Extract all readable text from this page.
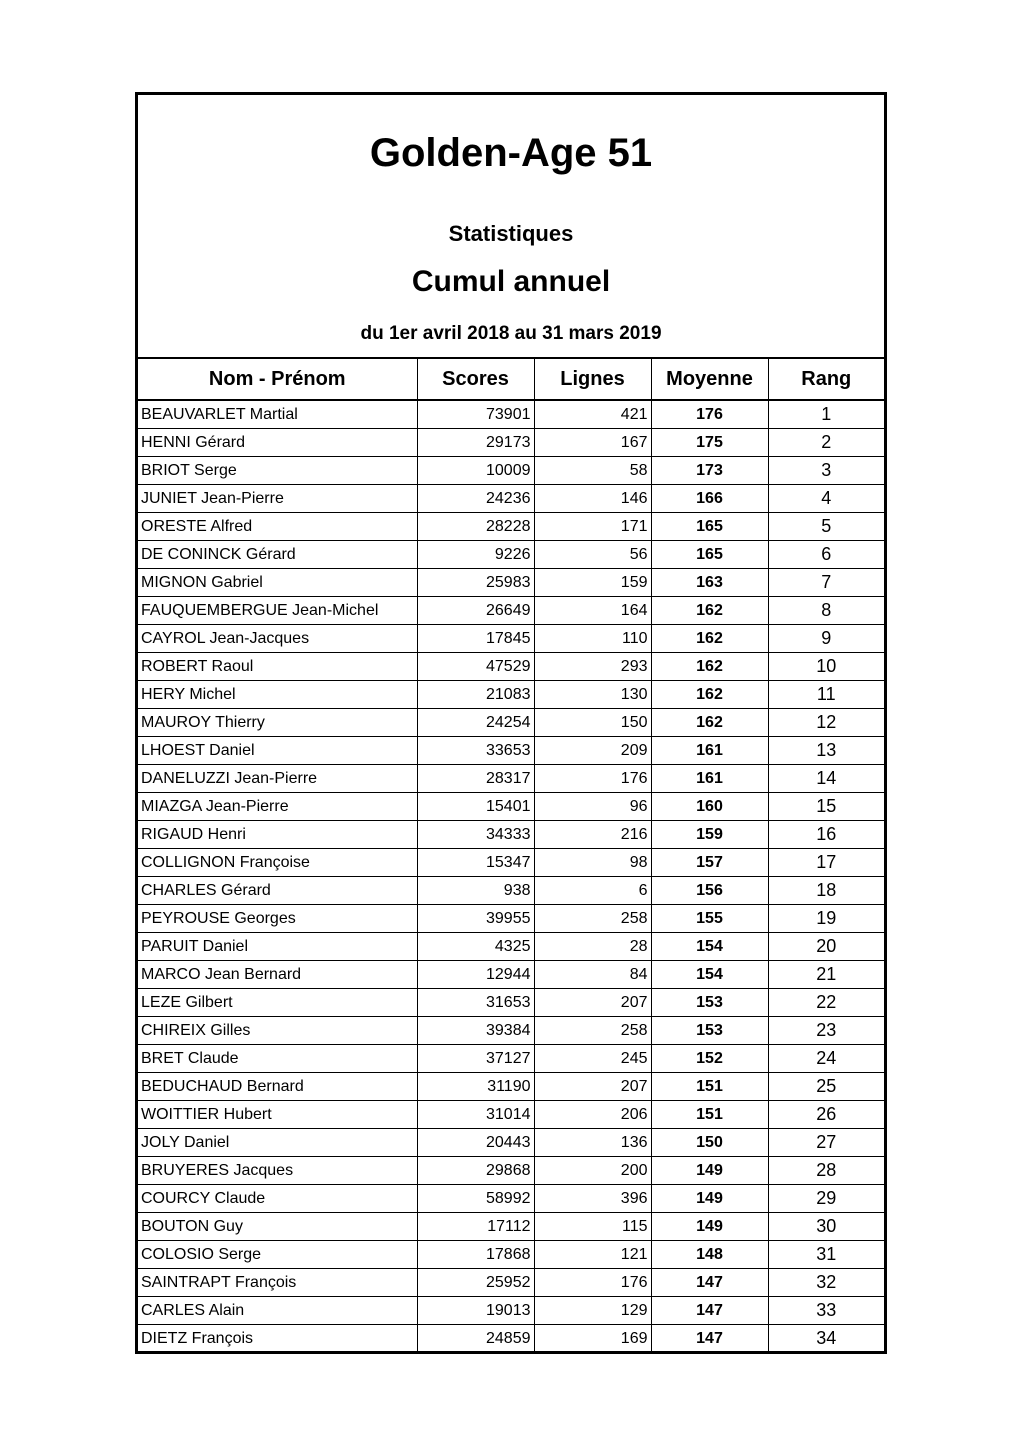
Golden-Age 51
Statistiques
Cumul annuel
du 1er avril 2018 au 31 mars 2019
Nom - Prénom	Scores	Lignes	Moyenne	Rang
BEAUVARLET Martial	73901	421	176	1
HENNI Gérard	29173	167	175	2
BRIOT Serge	10009	58	173	3
JUNIET Jean-Pierre	24236	146	166	4
ORESTE Alfred	28228	171	165	5
DE CONINCK Gérard	9226	56	165	6
MIGNON Gabriel	25983	159	163	7
FAUQUEMBERGUE Jean-Michel	26649	164	162	8
CAYROL Jean-Jacques	17845	110	162	9
ROBERT Raoul	47529	293	162	10
HERY Michel	21083	130	162	11
MAUROY Thierry	24254	150	162	12
LHOEST Daniel	33653	209	161	13
DANELUZZI Jean-Pierre	28317	176	161	14
MIAZGA Jean-Pierre	15401	96	160	15
RIGAUD Henri	34333	216	159	16
COLLIGNON Françoise	15347	98	157	17
CHARLES Gérard	938	6	156	18
PEYROUSE Georges	39955	258	155	19
PARUIT Daniel	4325	28	154	20
MARCO Jean Bernard	12944	84	154	21
LEZE Gilbert	31653	207	153	22
CHIREIX Gilles	39384	258	153	23
BRET Claude	37127	245	152	24
BEDUCHAUD Bernard	31190	207	151	25
WOITTIER Hubert	31014	206	151	26
JOLY Daniel	20443	136	150	27
BRUYERES Jacques	29868	200	149	28
COURCY Claude	58992	396	149	29
BOUTON Guy	17112	115	149	30
COLOSIO Serge	17868	121	148	31
SAINTRAPT François	25952	176	147	32
CARLES Alain	19013	129	147	33
DIETZ François	24859	169	147	34
